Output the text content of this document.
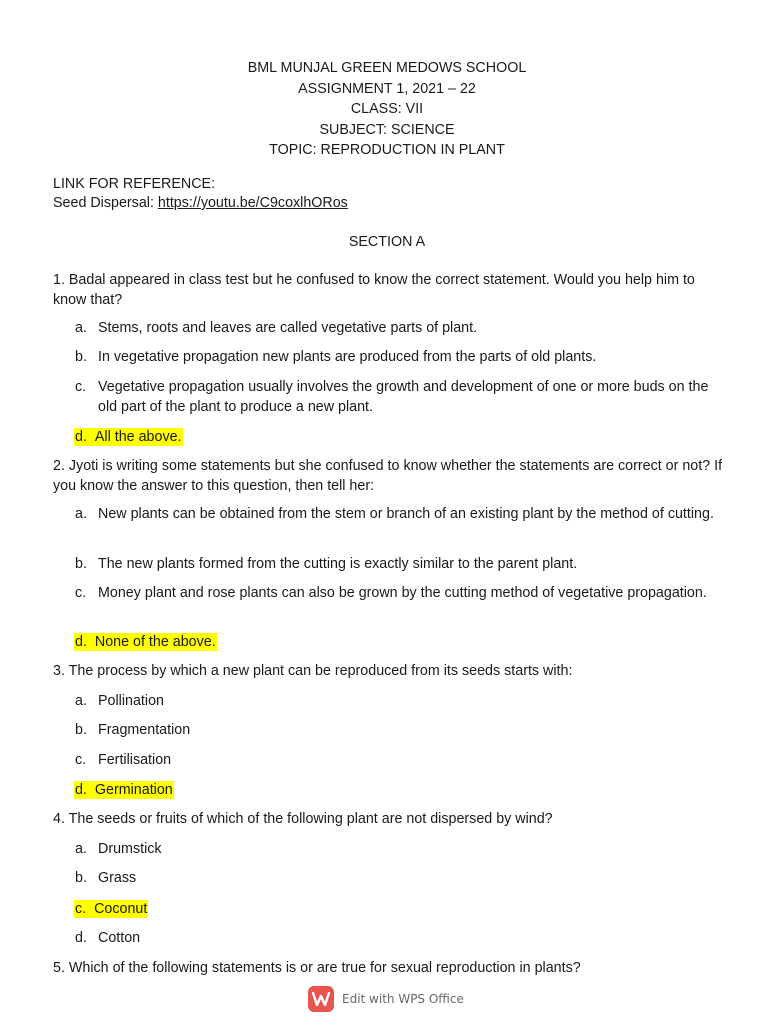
BML MUNJAL GREEN MEDOWS SCHOOL
ASSIGNMENT 1, 2021 – 22
CLASS: VII
SUBJECT: SCIENCE
TOPIC: REPRODUCTION IN PLANT
LINK FOR REFERENCE:
Seed Dispersal: https://youtu.be/C9coxlhORos
SECTION A
1. Badal appeared in class test but he confused to know the correct statement. Would you help him to know that?
a. Stems, roots and leaves are called vegetative parts of plant.
b. In vegetative propagation new plants are produced from the parts of old plants.
c. Vegetative propagation usually involves the growth and development of one or more buds on the old part of the plant to produce a new plant.
d. All the above.
2. Jyoti is writing some statements but she confused to know whether the statements are correct or not? If you know the answer to this question, then tell her:
a. New plants can be obtained from the stem or branch of an existing plant by the method of cutting.
b. The new plants formed from the cutting is exactly similar to the parent plant.
c. Money plant and rose plants can also be grown by the cutting method of vegetative propagation.
d. None of the above.
3. The process by which a new plant can be reproduced from its seeds starts with:
a. Pollination
b. Fragmentation
c. Fertilisation
d. Germination
4. The seeds or fruits of which of the following plant are not dispersed by wind?
a. Drumstick
b. Grass
c. Coconut
d. Cotton
5. Which of the following statements is or are true for sexual reproduction in plants?
Edit with WPS Office
